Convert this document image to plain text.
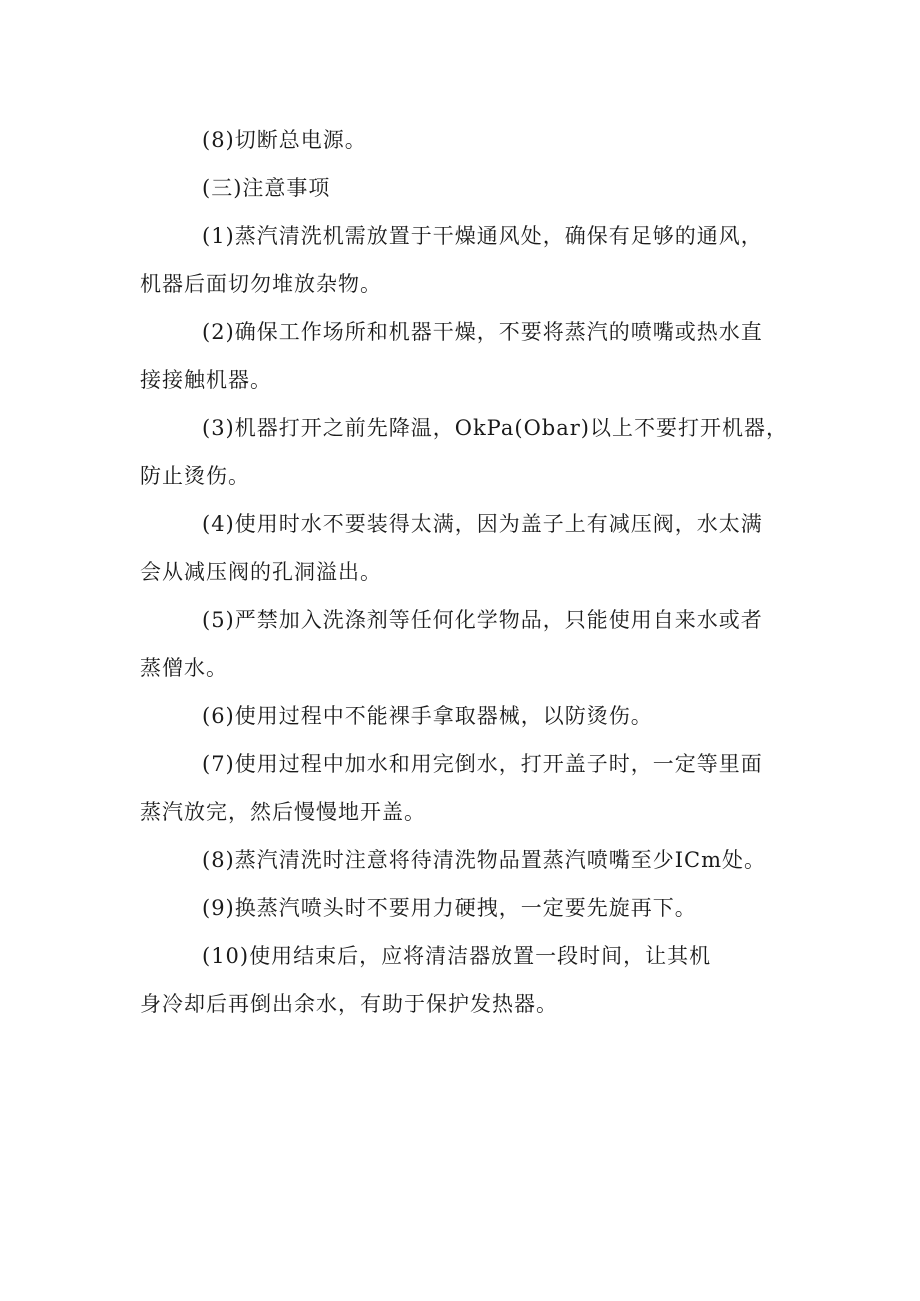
(8)切断总电源。

(三)注意事项

(1)蒸汽清洗机需放置于干燥通风处，确保有足够的通风，
机器后面切勿堆放杂物。

(2)确保工作场所和机器干燥，不要将蒸汽的喷嘴或热水直
接接触机器。

(3)机器打开之前先降温，OkPa(Obar)以上不要打开机器，
防止烫伤。

(4)使用时水不要装得太满，因为盖子上有减压阀，水太满
会从减压阀的孔洞溢出。

(5)严禁加入洗涤剂等任何化学物品，只能使用自来水或者
蒸僧水。

(6)使用过程中不能裸手拿取器械，以防烫伤。

(7)使用过程中加水和用完倒水，打开盖子时，一定等里面
蒸汽放完，然后慢慢地开盖。

(8)蒸汽清洗时注意将待清洗物品置蒸汽喷嘴至少ICm处。

(9)换蒸汽喷头时不要用力硬拽，一定要先旋再下。

(10)使用结束后，应将清洁器放置一段时间，让其机
身冷却后再倒出余水，有助于保护发热器。
